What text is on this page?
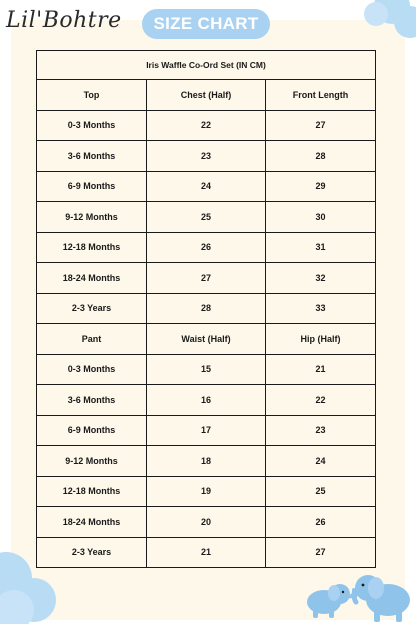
Lil'Bohtre	SIZE CHART
Iris Waffle Co-Ord Set (IN CM)		
Top	Chest (Half)	Front Length
0-3 Months	22	27
3-6 Months	23	28
6-9 Months	24	29
9-12 Months	25	30
12-18 Months	26	31
18-24 Months	27	32
2-3 Years	28	33
Pant	Waist (Half)	Hip (Half)
0-3 Months	15	21
3-6 Months	16	22
6-9 Months	17	23
9-12 Months	18	24
12-18 Months	19	25
18-24 Months	20	26
2-3 Years	21	27
